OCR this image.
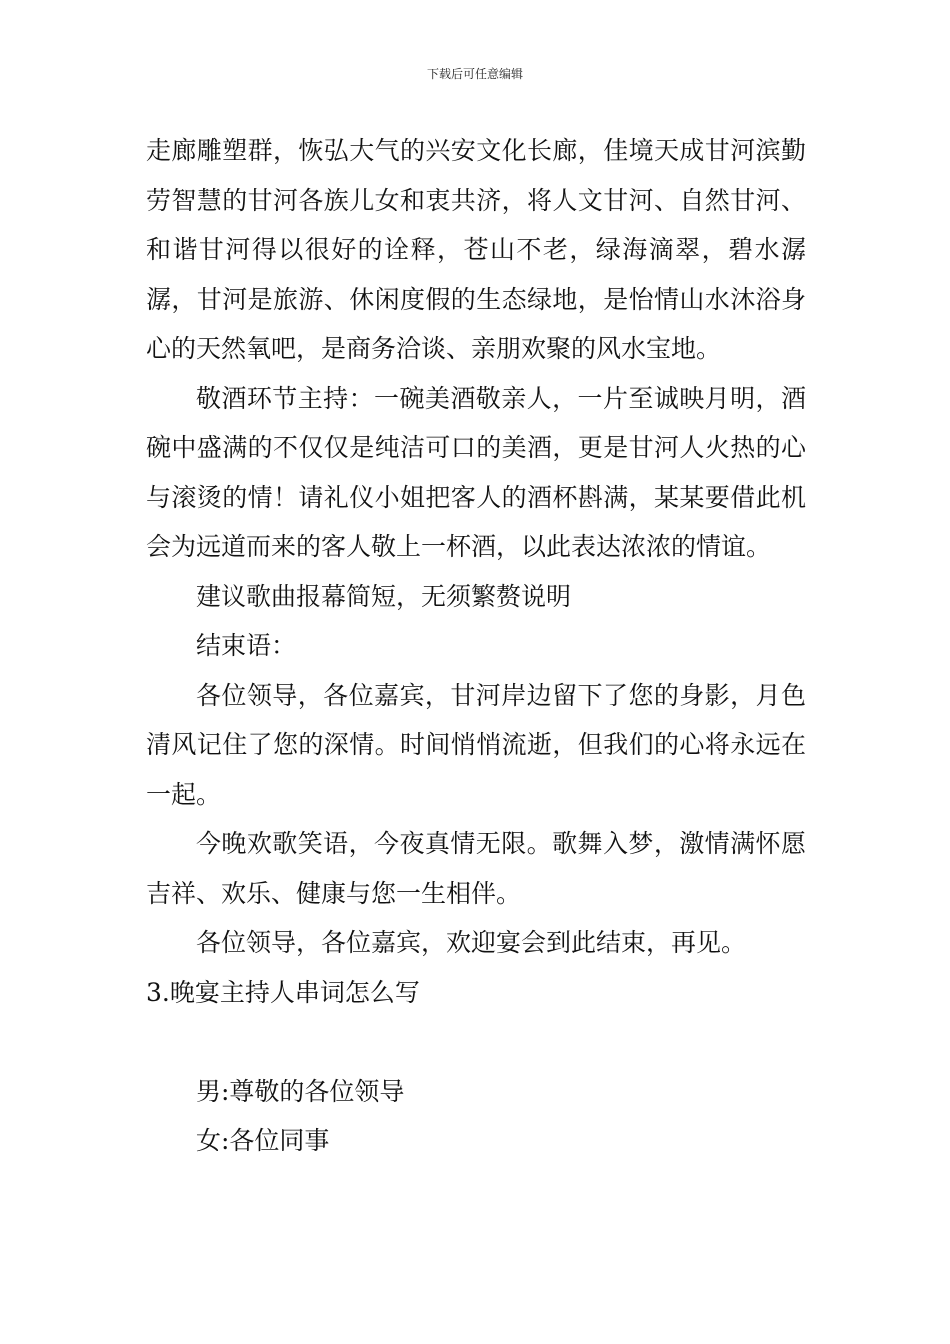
下载后可任意编辑

走廊雕塑群，恢弘大气的兴安文化长廊，佳境天成甘河滨勤劳智慧的甘河各族儿女和衷共济，将人文甘河、自然甘河、和谐甘河得以很好的诠释，苍山不老，绿海滴翠，碧水潺潺，甘河是旅游、休闲度假的生态绿地，是怡情山水沐浴身心的天然氧吧，是商务洽谈、亲朋欢聚的风水宝地。

敬酒环节主持：一碗美酒敬亲人，一片至诚映月明，酒碗中盛满的不仅仅是纯洁可口的美酒，更是甘河人火热的心与滚烫的情！请礼仪小姐把客人的酒杯斟满，某某要借此机会为远道而来的客人敬上一杯酒，以此表达浓浓的情谊。

建议歌曲报幕简短，无须繁赘说明

结束语：

各位领导，各位嘉宾，甘河岸边留下了您的身影，月色清风记住了您的深情。时间悄悄流逝，但我们的心将永远在一起。

今晚欢歌笑语，今夜真情无限。歌舞入梦，激情满怀愿吉祥、欢乐、健康与您一生相伴。

各位领导，各位嘉宾，欢迎宴会到此结束，再见。

3.晚宴主持人串词怎么写

男:尊敬的各位领导

女:各位同事
